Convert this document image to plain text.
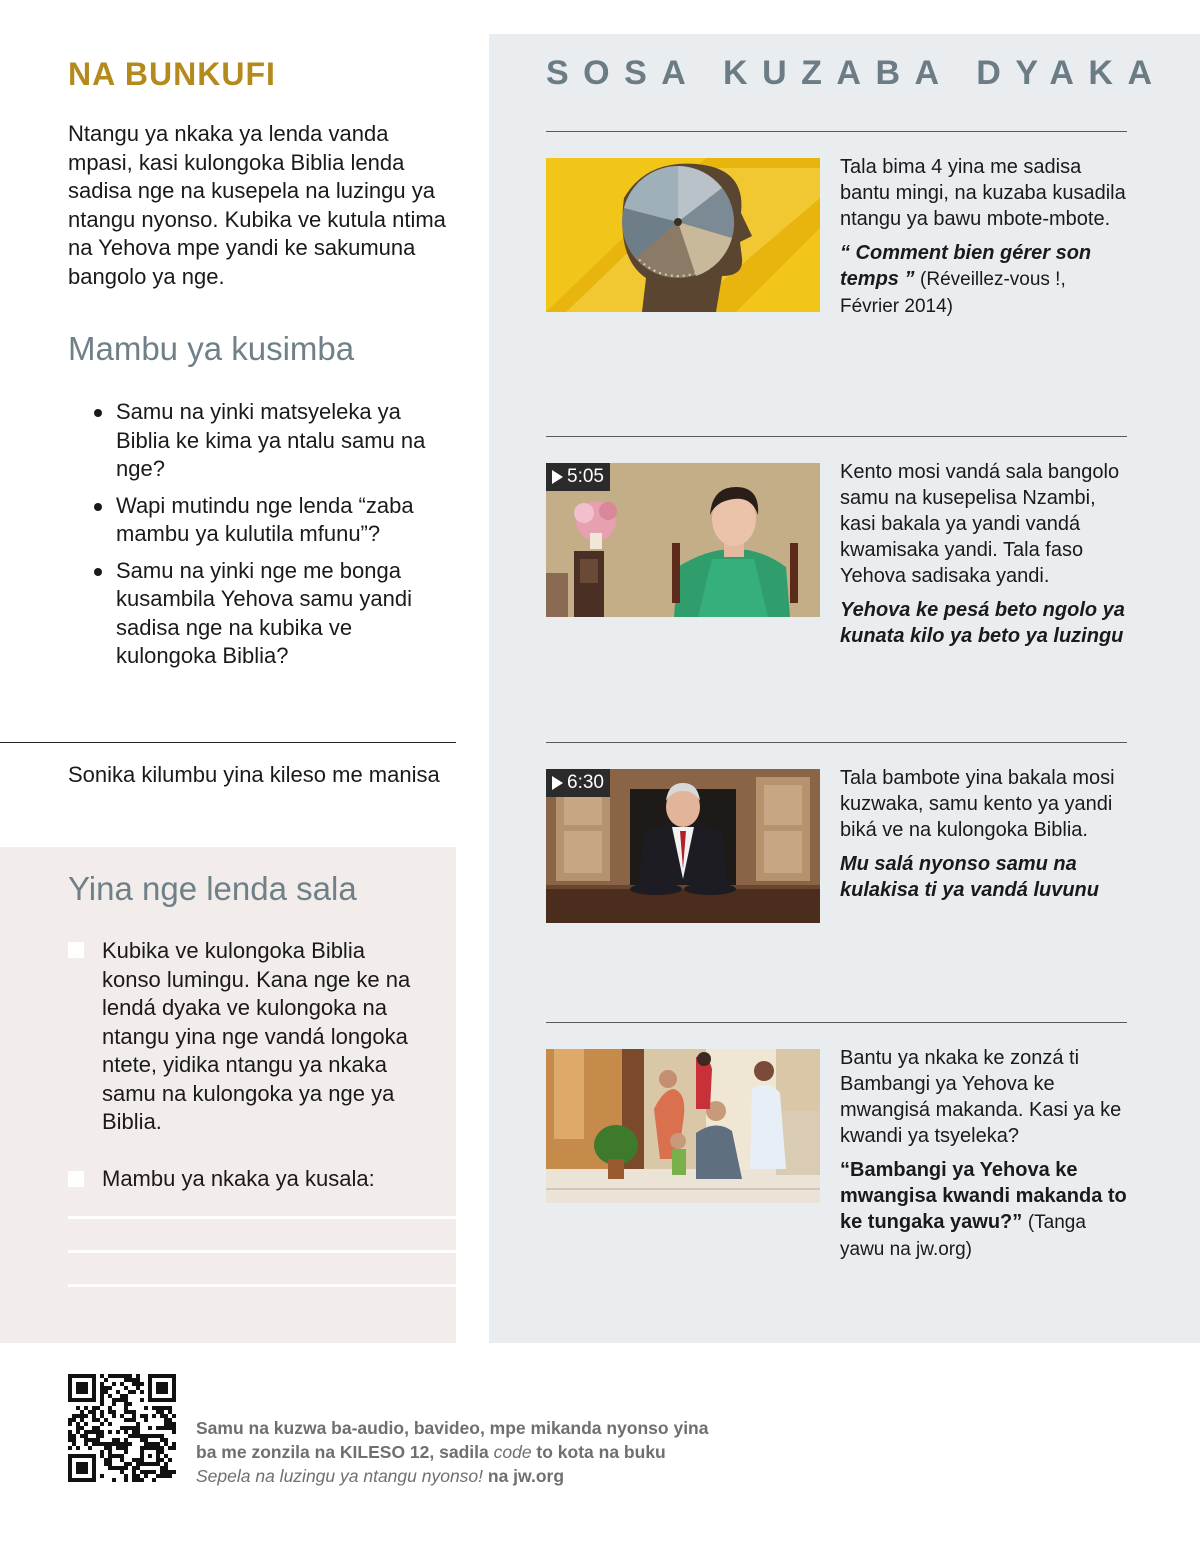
NA BUNKUFI
Ntangu ya nkaka ya lenda vanda mpasi, kasi kulongoka Biblia lenda sadisa nge na kusepela na luzingu ya ntangu nyonso. Kubika ve kutula ntima na Yehova mpe yandi ke sakumuna bangolo ya nge.
Mambu ya kusimba
Samu na yinki matsyeleka ya Biblia ke kima ya ntalu samu na nge?
Wapi mutindu nge lenda “zaba mambu ya kulutila mfunu”?
Samu na yinki nge me bonga kusambila Yehova samu yandi sadisa nge na kubika ve kulongoka Biblia?
Sonika kilumbu yina kileso me manisa
Yina nge lenda sala
Kubika ve kulongoka Biblia konso lumingu. Kana nge ke na lendá dyaka ve kulongoka na ntangu yina nge vandá longoka ntete, yidika ntangu ya nkaka samu na kulongoka ya nge ya Biblia.
Mambu ya nkaka ya kusala:
SOSA KUZABA DYAKA
Tala bima 4 yina me sadisa bantu mingi, na kuzaba kusadila ntangu ya bawu mbote-mbote.
“ Comment bien gérer son temps ” (Réveillez-vous !, Février 2014)
5:05	Kento mosi vandá sala bangolo samu na kusepelisa Nzambi, kasi bakala ya yandi vandá kwamisaka yandi. Tala faso Yehova sadisaka yandi.
Yehova ke pesá beto ngolo ya kunata kilo ya beto ya luzingu
6:30	Tala bambote yina bakala mosi kuzwaka, samu kento ya yandi biká ve na kulongoka Biblia.
Mu salá nyonso samu na kulakisa ti ya vandá luvunu
Bantu ya nkaka ke zonzá ti Bambangi ya Yehova ke mwangisá makanda. Kasi ya ke kwandi ya tsyeleka?
“Bambangi ya Yehova ke mwangisa kwandi makanda to ke tungaka yawu?” (Tanga yawu na jw.org)
Samu na kuzwa ba-audio, bavideo, mpe mikanda nyonso yina ba me zonzila na KILESO 12, sadila code to kota na buku Sepela na luzingu ya ntangu nyonso! na jw.org
